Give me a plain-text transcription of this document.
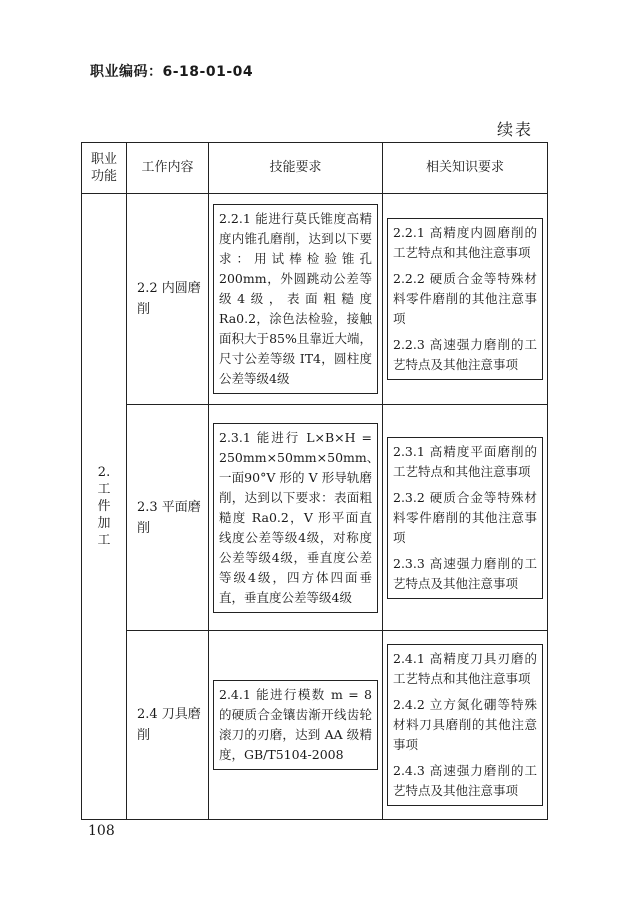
职业编码：6-18-01-04
续表
职业功能	工作内容	技能要求	相关知识要求

2. 工件加工	2.2 内圆磨削	2.2.1 能进行莫氏锥度高精度内锥孔磨削，达到以下要求：用试棒检验锥孔200mm，外圆跳动公差等级4级，表面粗糙度 Ra0.2，涂色法检验，接触面积大于85%且靠近大端，尺寸公差等级 IT4，圆柱度公差等级4级	2.2.1 高精度内圆磨削的工艺特点和其他注意事项

2.2.2 硬质合金等特殊材料零件磨削的其他注意事项

2.2.3 高速强力磨削的工艺特点及其他注意事项

	2.3 平面磨削	2.3.1 能进行 L×B×H = 250mm×50mm×50mm、一面90°V 形的 V 形导轨磨削，达到以下要求：表面粗糙度 Ra0.2，V 形平面直线度公差等级4级，对称度公差等级4级，垂直度公差等级4级，四方体四面垂直，垂直度公差等级4级	2.3.1 高精度平面磨削的工艺特点和其他注意事项

2.3.2 硬质合金等特殊材料零件磨削的其他注意事项

2.3.3 高速强力磨削的工艺特点及其他注意事项

	2.4 刀具磨削	2.4.1 能进行模数 m = 8 的硬质合金镶齿渐开线齿轮滚刀的刃磨，达到 AA 级精度，GB/T5104-2008	2.4.1 高精度刀具刃磨的工艺特点和其他注意事项

2.4.2 立方氮化硼等特殊材料刀具磨削的其他注意事项

2.4.3 高速强力磨削的工艺特点及其他注意事项

108
